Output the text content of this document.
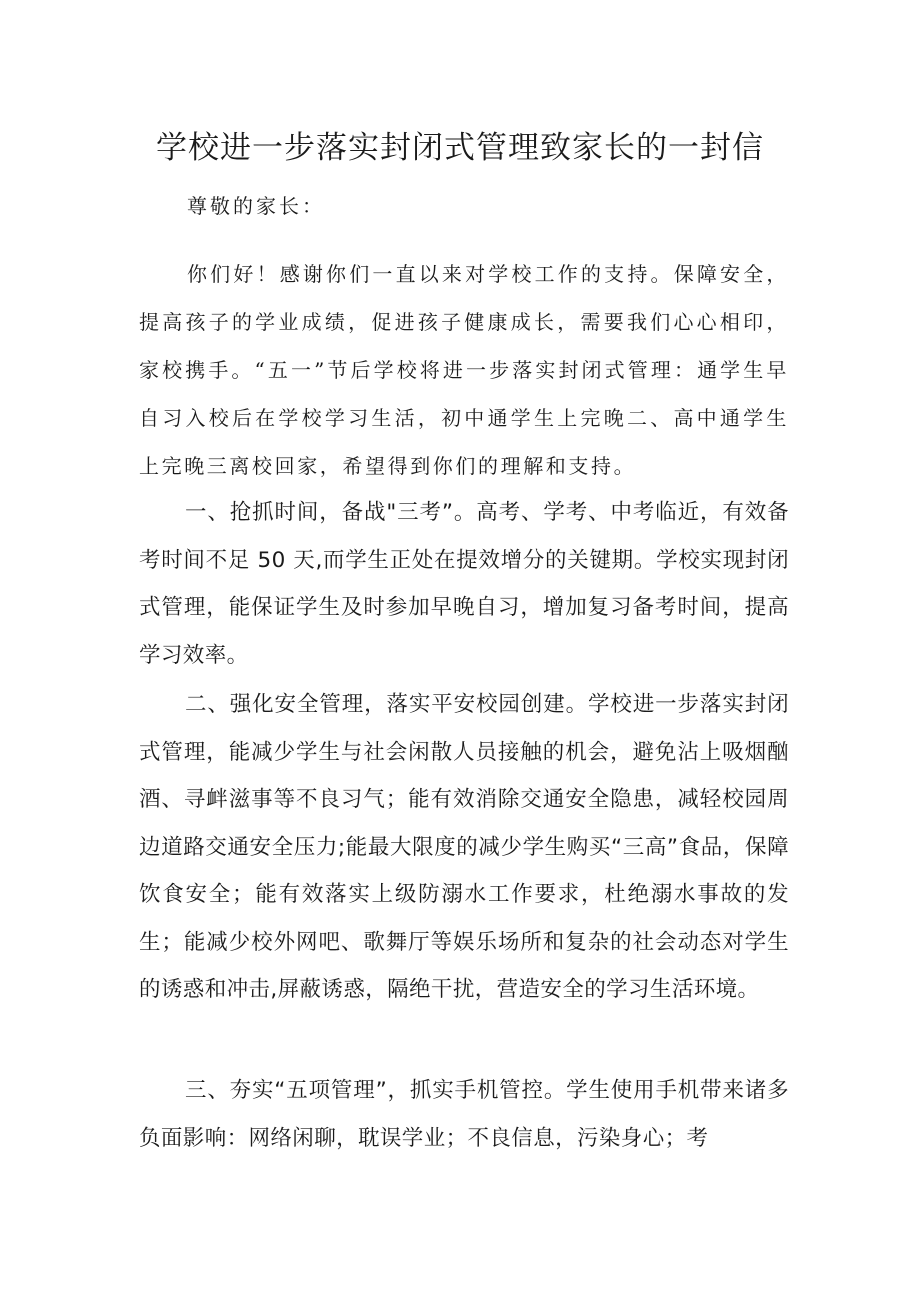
学校进一步落实封闭式管理致家长的一封信

尊敬的家长：

你们好！感谢你们一直以来对学校工作的支持。保障安全，提高孩子的学业成绩，促进孩子健康成长，需要我们心心相印，家校携手。“五一”节后学校将进一步落实封闭式管理：通学生早自习入校后在学校学习生活，初中通学生上完晚二、高中通学生上完晚三离校回家，希望得到你们的理解和支持。

一、抢抓时间，备战"三考”。高考、学考、中考临近，有效备考时间不足 50 天,而学生正处在提效增分的关键期。学校实现封闭式管理，能保证学生及时参加早晚自习，增加复习备考时间，提高学习效率。

二、强化安全管理，落实平安校园创建。学校进一步落实封闭式管理，能减少学生与社会闲散人员接触的机会，避免沾上吸烟酗酒、寻衅滋事等不良习气；能有效消除交通安全隐患，减轻校园周边道路交通安全压力;能最大限度的减少学生购买“三高”食品，保障饮食安全；能有效落实上级防溺水工作要求，杜绝溺水事故的发生；能减少校外网吧、歌舞厅等娱乐场所和复杂的社会动态对学生的诱惑和冲击,屏蔽诱惑，隔绝干扰，营造安全的学习生活环境。

三、夯实“五项管理”，抓实手机管控。学生使用手机带来诸多负面影响：网络闲聊，耽误学业；不良信息，污染身心；考
